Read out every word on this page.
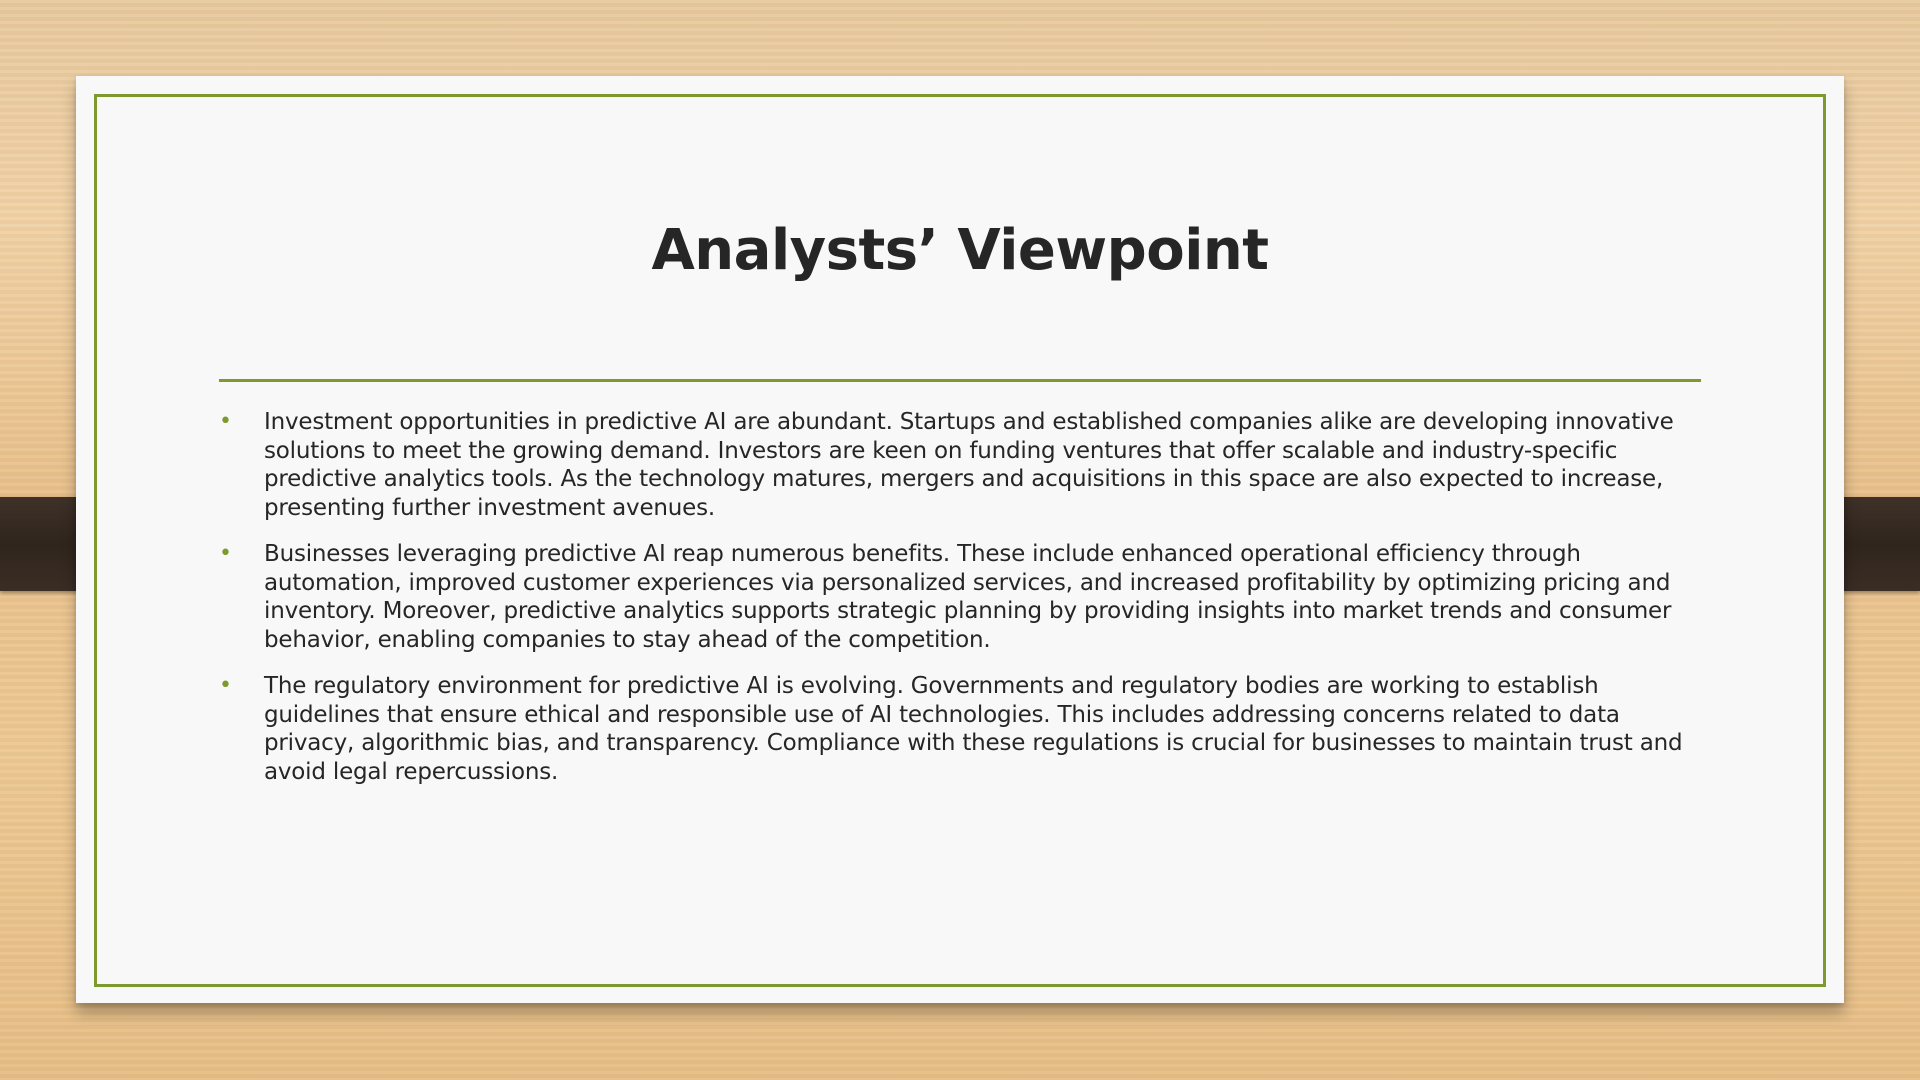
Analysts’ Viewpoint
• Investment opportunities in predictive AI are abundant. Startups and established companies alike are developing innovative solutions to meet the growing demand. Investors are keen on funding ventures that offer scalable and industry-specific predictive analytics tools. As the technology matures, mergers and acquisitions in this space are also expected to increase, presenting further investment avenues.
• Businesses leveraging predictive AI reap numerous benefits. These include enhanced operational efficiency through automation, improved customer experiences via personalized services, and increased profitability by optimizing pricing and inventory. Moreover, predictive analytics supports strategic planning by providing insights into market trends and consumer behavior, enabling companies to stay ahead of the competition.
• The regulatory environment for predictive AI is evolving. Governments and regulatory bodies are working to establish guidelines that ensure ethical and responsible use of AI technologies. This includes addressing concerns related to data privacy, algorithmic bias, and transparency. Compliance with these regulations is crucial for businesses to maintain trust and avoid legal repercussions.
